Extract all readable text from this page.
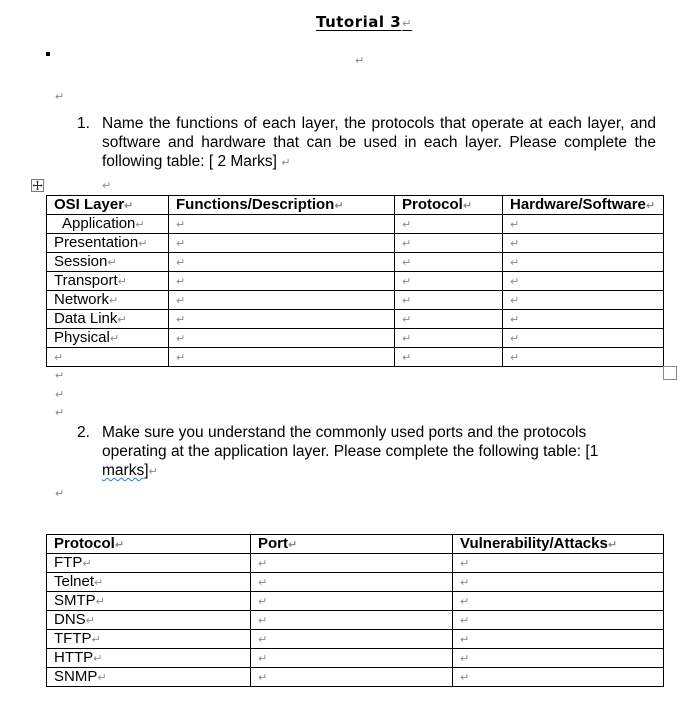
Tutorial 3↵
↵
↵
1. Name the functions of each layer, the protocols that operate at each layer, and software and hardware that can be used in each layer. Please complete the following table: [ 2 Marks] ↵
↵
OSI Layer↵	Functions/Description↵	Protocol↵	Hardware/Software↵
Application↵	↵	↵	↵
Presentation↵	↵	↵	↵
Session↵	↵	↵	↵
Transport↵	↵	↵	↵
Network↵	↵	↵	↵
Data Link↵	↵	↵	↵
Physical↵	↵	↵	↵
↵	↵	↵	↵
↵
↵
↵
2. Make sure you understand the commonly used ports and the protocols operating at the application layer. Please complete the following table: [1 marks]↵
↵
Protocol↵	Port↵	Vulnerability/Attacks↵
FTP↵	↵	↵
Telnet↵	↵	↵
SMTP↵	↵	↵
DNS↵	↵	↵
TFTP↵	↵	↵
HTTP↵	↵	↵
SNMP↵	↵	↵
